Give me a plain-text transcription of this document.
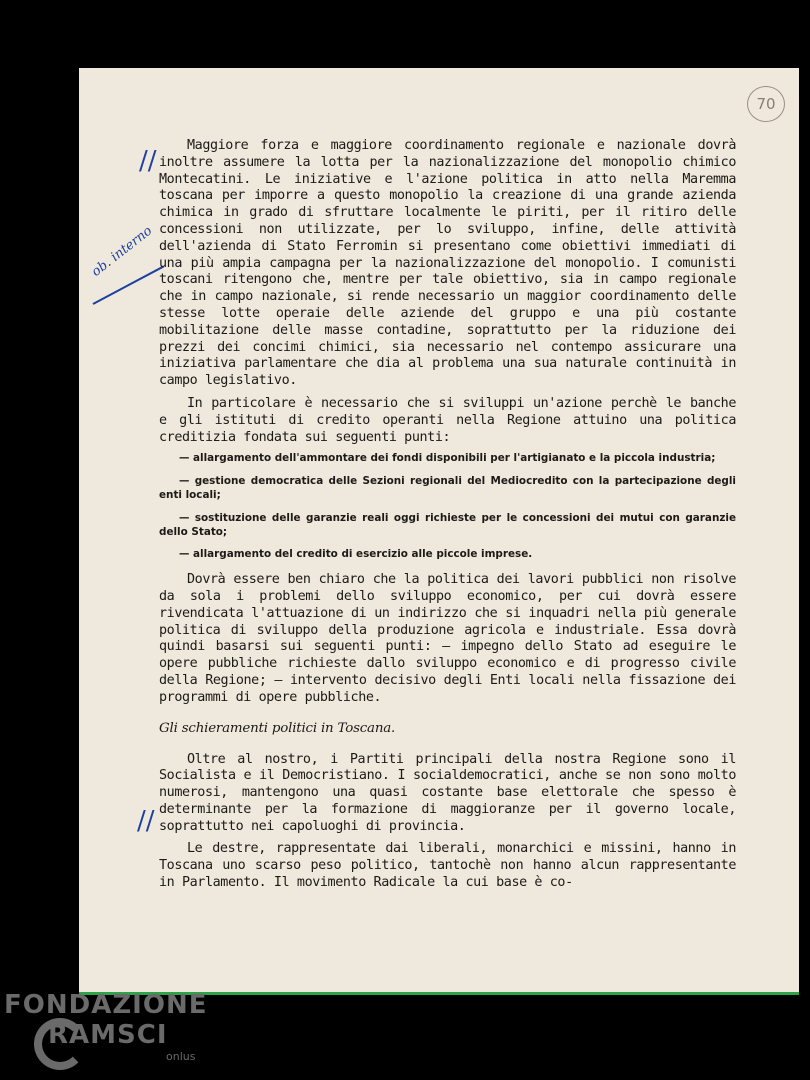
70
//
ob. interno
//

Maggiore forza e maggiore coordinamento regionale e nazionale dovrà inoltre assumere la lotta per la nazionalizzazione del monopolio chimico Montecatini. Le iniziative e l'azione politica in atto nella Maremma toscana per imporre a questo monopolio la creazione di una grande azienda chimica in grado di sfruttare localmente le piriti, per il ritiro delle concessioni non utilizzate, per lo sviluppo, infine, delle attività dell'azienda di Stato Ferromin si presentano come obiettivi immediati di una più ampia campagna per la nazionalizzazione del monopolio. I comunisti toscani ritengono che, mentre per tale obiettivo, sia in campo regionale che in campo nazionale, si rende necessario un maggior coordinamento delle stesse lotte operaie delle aziende del gruppo e una più costante mobilitazione delle masse contadine, soprattutto per la riduzione dei prezzi dei concimi chimici, sia necessario nel contempo assicurare una iniziativa parlamentare che dia al problema una sua naturale continuità in campo legislativo.

In particolare è necessario che si sviluppi un'azione perchè le banche e gli istituti di credito operanti nella Regione attuino una politica creditizia fondata sui seguenti punti:

— allargamento dell'ammontare dei fondi disponibili per l'artigianato e la piccola industria;

— gestione democratica delle Sezioni regionali del Mediocredito con la partecipazione degli enti locali;

— sostituzione delle garanzie reali oggi richieste per le concessioni dei mutui con garanzie dello Stato;

— allargamento del credito di esercizio alle piccole imprese.

Dovrà essere ben chiaro che la politica dei lavori pubblici non risolve da sola i problemi dello sviluppo economico, per cui dovrà essere rivendicata l'attuazione di un indirizzo che si inquadri nella più generale politica di sviluppo della produzione agricola e industriale. Essa dovrà quindi basarsi sui seguenti punti: — impegno dello Stato ad eseguire le opere pubbliche richieste dallo sviluppo economico e di progresso civile della Regione; — intervento decisivo degli Enti locali nella fissazione dei programmi di opere pubbliche.

Gli schieramenti politici in Toscana.

Oltre al nostro, i Partiti principali della nostra Regione sono il Socialista e il Democristiano. I socialdemocratici, anche se non sono molto numerosi, mantengono una quasi costante base elettorale che spesso è determinante per la formazione di maggioranze per il governo locale, soprattutto nei capoluoghi di provincia.

Le destre, rappresentate dai liberali, monarchici e missini, hanno in Toscana uno scarso peso politico, tantochè non hanno alcun rappresentante in Parlamento. Il movimento Radicale la cui base è co-

FONDAZIONE
RAMSCI
onlus
